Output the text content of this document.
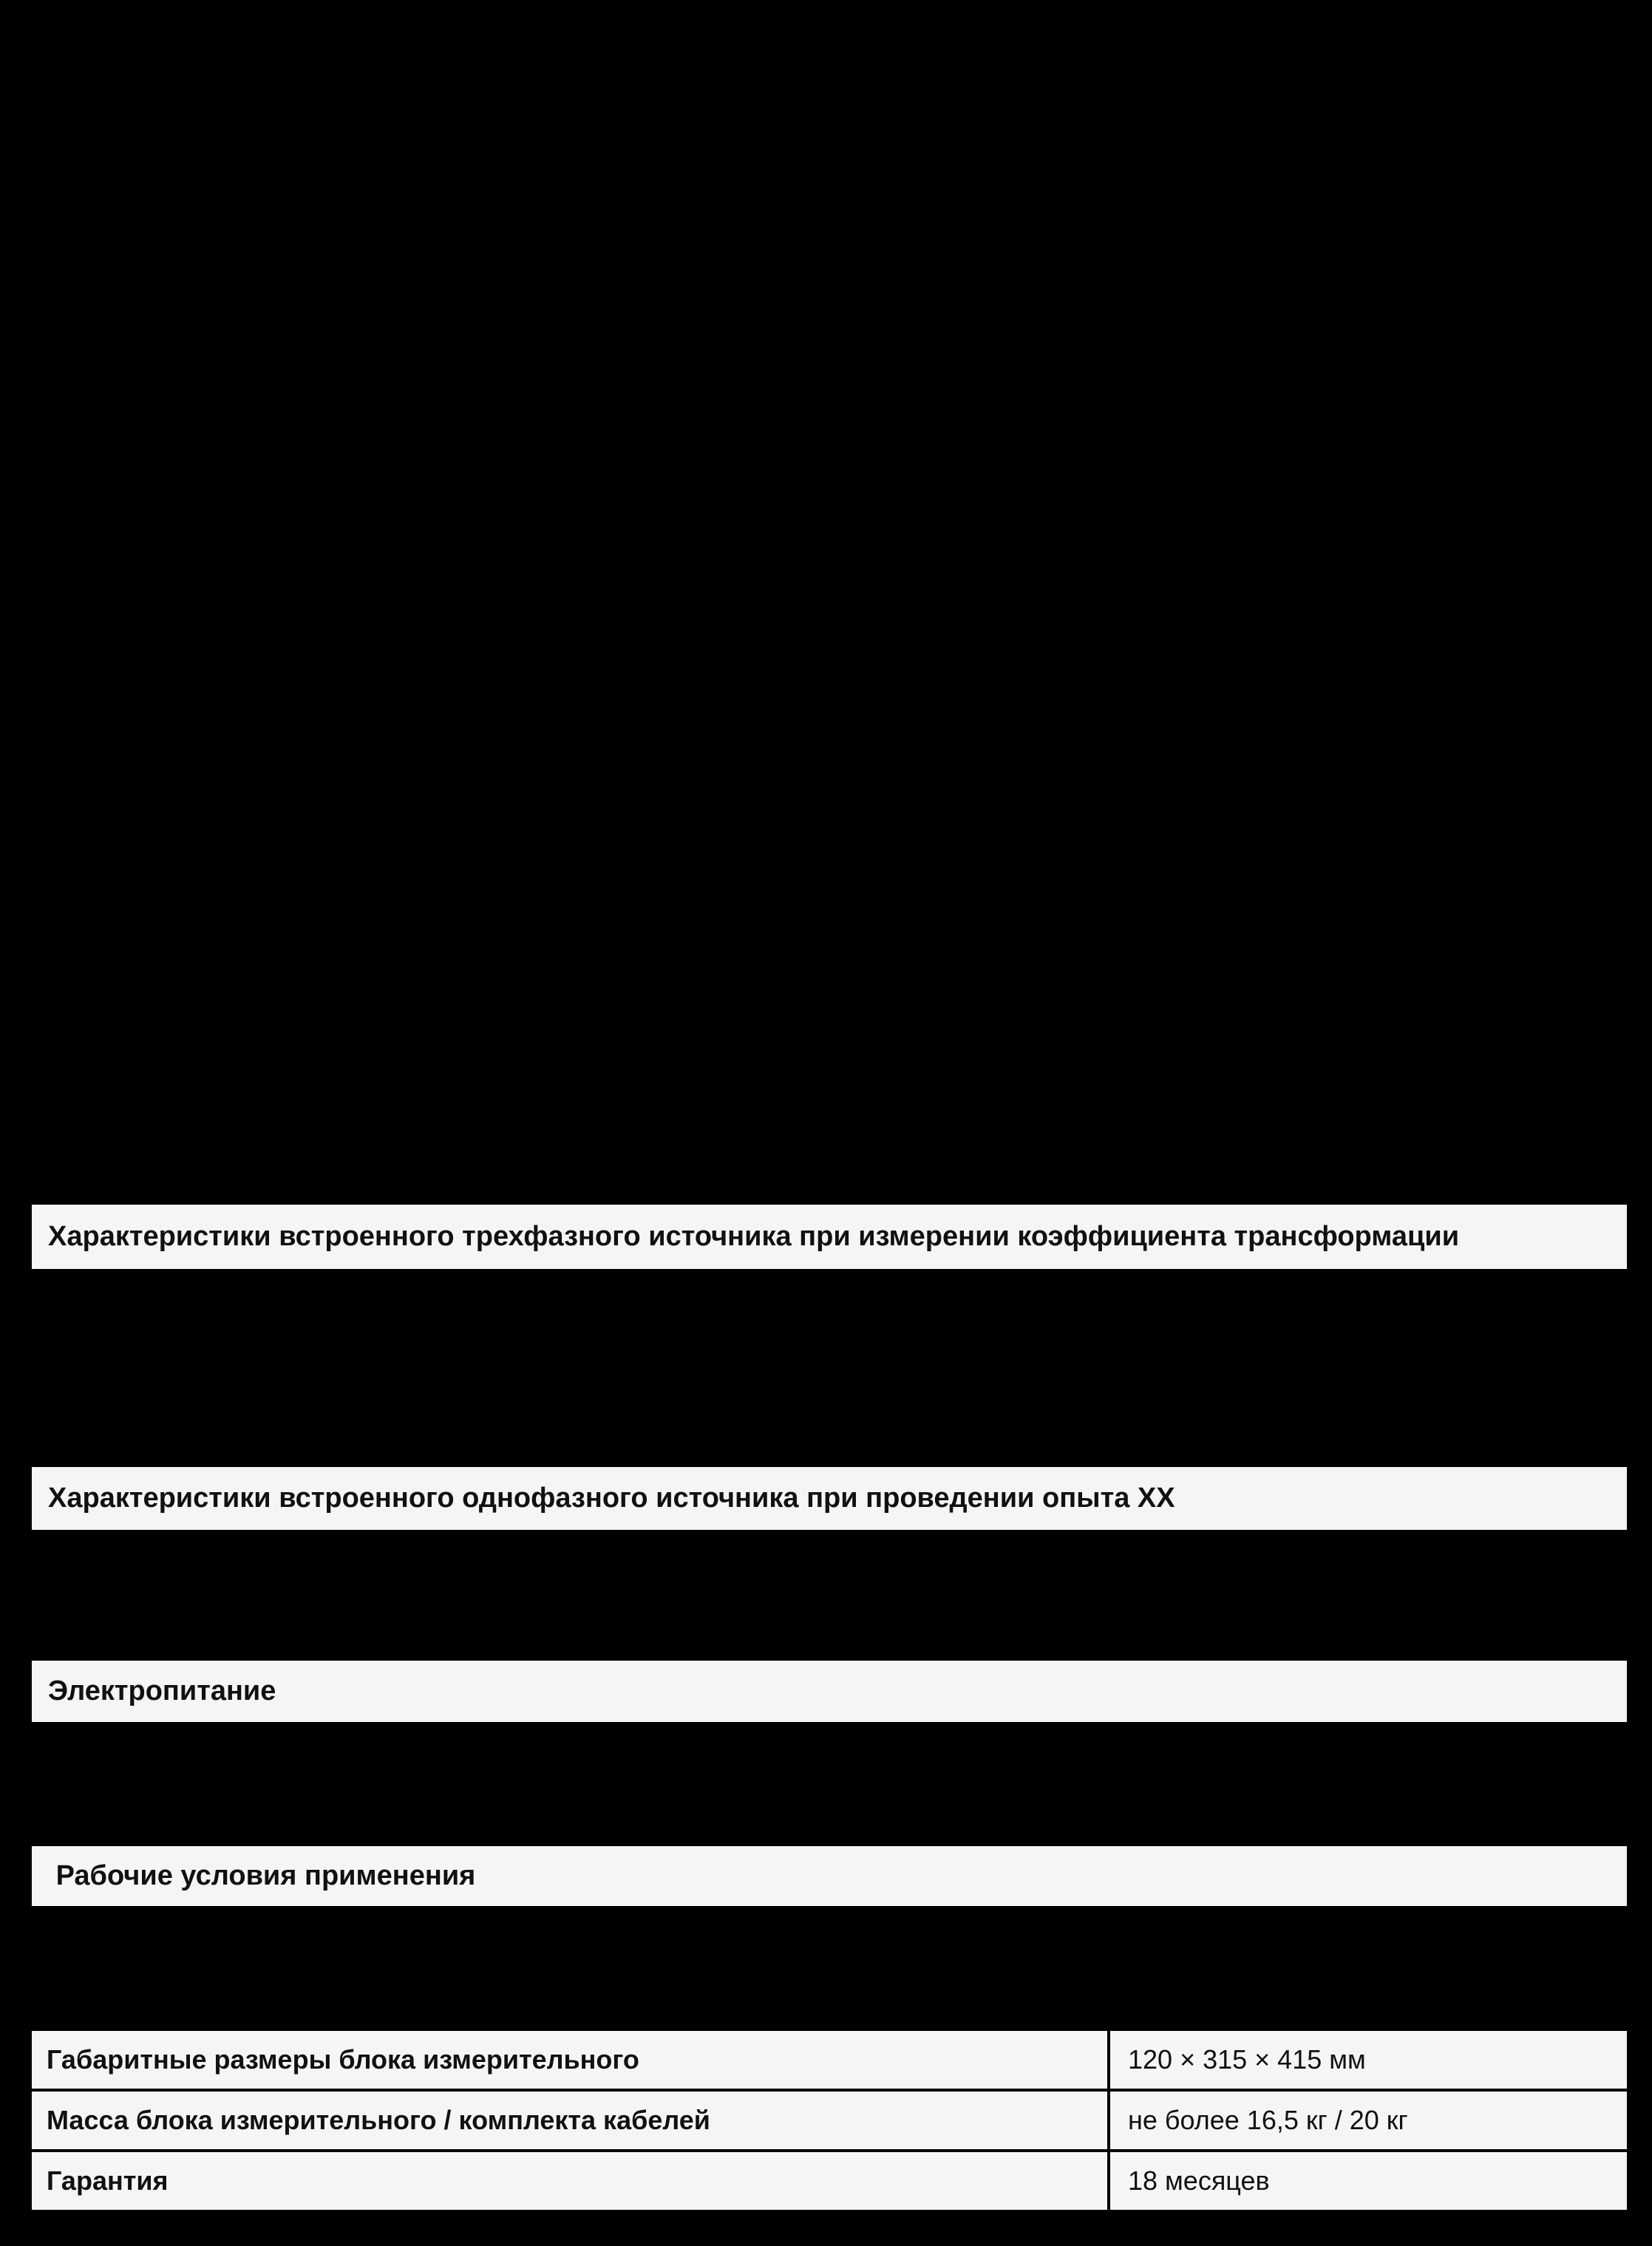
Характеристики встроенного трехфазного источника при измерении коэффициента трансформации
Характеристики встроенного однофазного источника при проведении опыта ХХ
Электропитание
Рабочие условия применения
Габаритные размеры блока измерительного	120 × 315 × 415 мм
Масса блока измерительного / комплекта кабелей	не более 16,5 кг / 20 кг
Гарантия	18 месяцев
